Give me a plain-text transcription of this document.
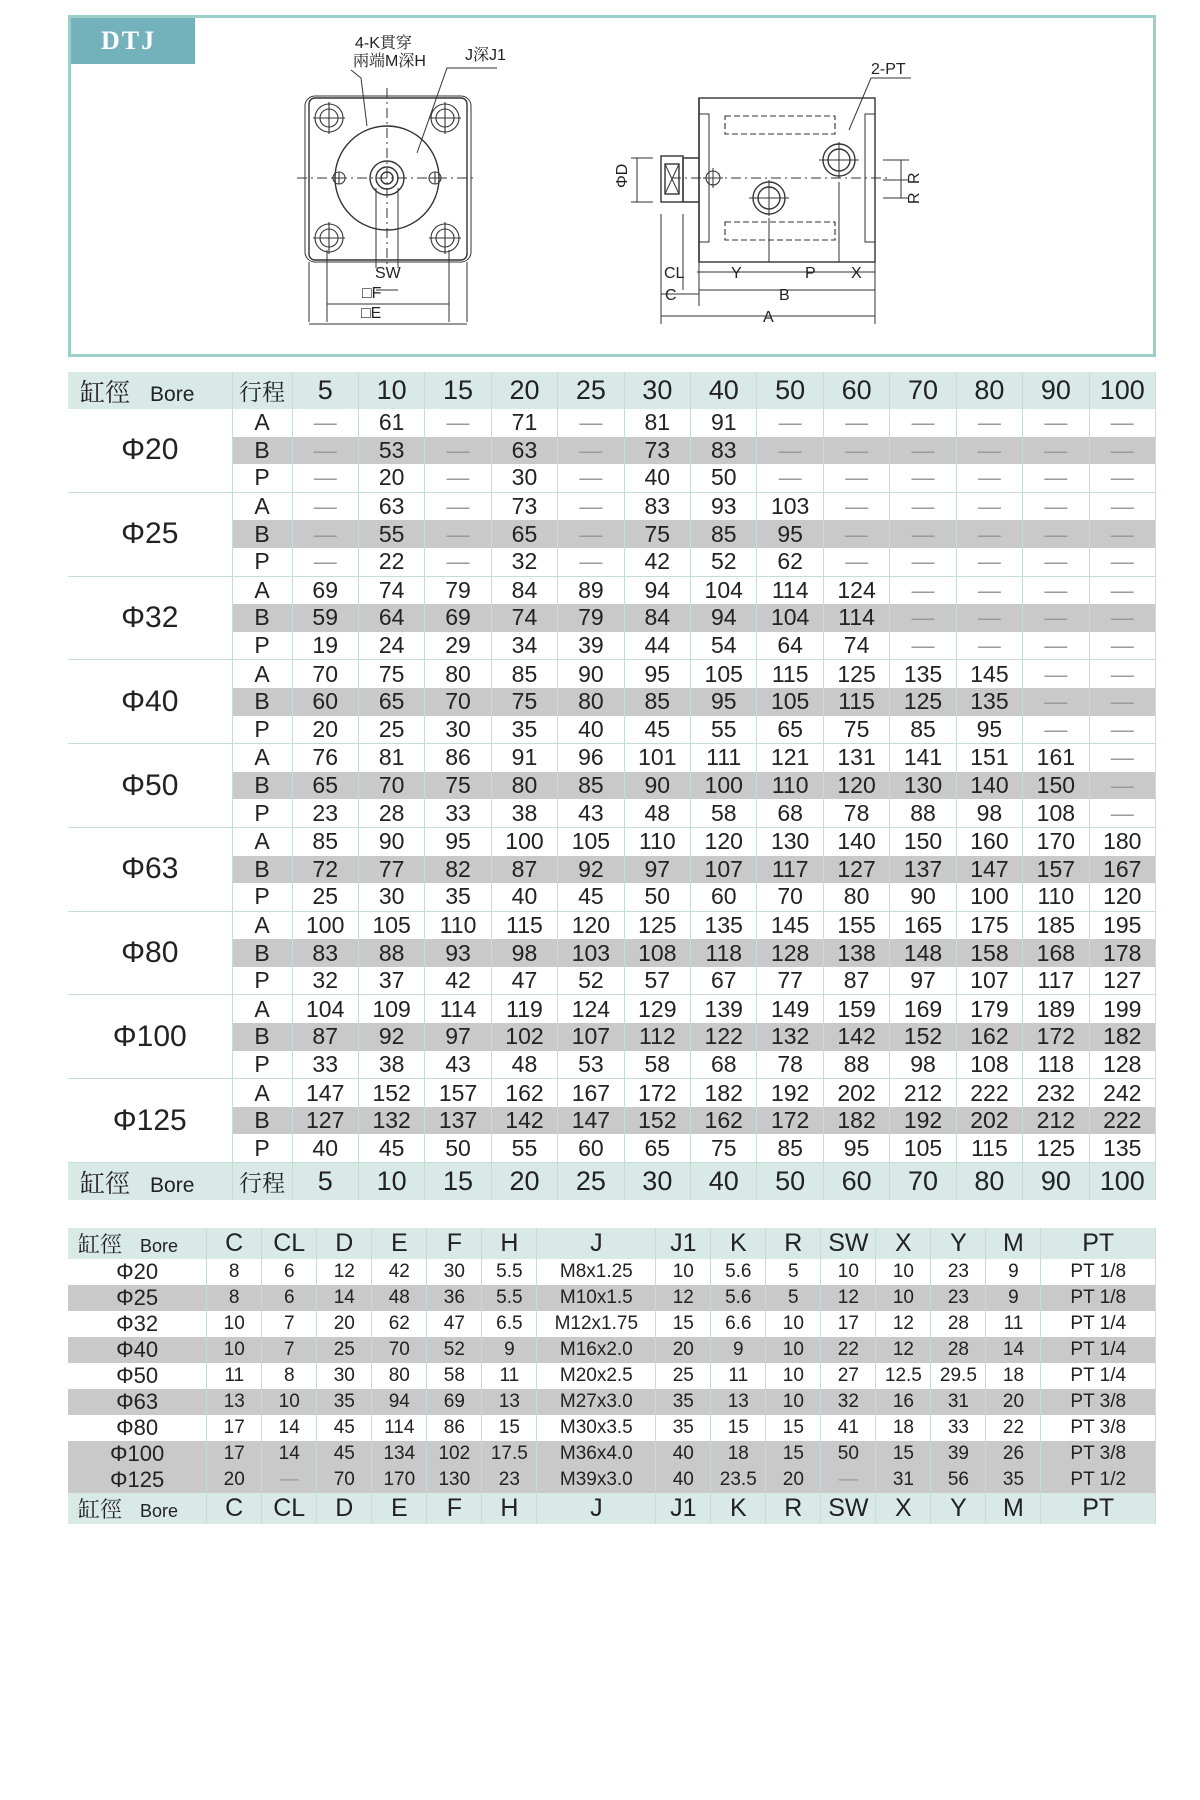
DTJ	4-K貫穿
兩端M深H J深J1
SW
□F
□E
2-PT
ΦD	R
R
CL	Y	P X
C	B
A
缸徑 Bore	行程	5	10	15	20	25	30	40	50	60	70	80	90	100
Φ20	A	—	61	—	71	—	81	91	—	—	—	—	—	—
	B	—	53	—	63	—	73	83	—	—	—	—	—	—
	P	—	20	—	30	—	40	50	—	—	—	—	—	—
Φ25	A	—	63	—	73	—	83	93	103	—	—	—	—	—
	B	—	55	—	65	—	75	85	95	—	—	—	—	—
	P	—	22	—	32	—	42	52	62	—	—	—	—	—
Φ32	A	69	74	79	84	89	94	104	114	124	—	—	—	—
	B	59	64	69	74	79	84	94	104	114	—	—	—	—
	P	19	24	29	34	39	44	54	64	74	—	—	—	—
Φ40	A	70	75	80	85	90	95	105	115	125	135	145	—	—
	B	60	65	70	75	80	85	95	105	115	125	135	—	—
	P	20	25	30	35	40	45	55	65	75	85	95	—	—
Φ50	A	76	81	86	91	96	101	111	121	131	141	151	161	—
	B	65	70	75	80	85	90	100	110	120	130	140	150	—
	P	23	28	33	38	43	48	58	68	78	88	98	108	—
Φ63	A	85	90	95	100	105	110	120	130	140	150	160	170	180
	B	72	77	82	87	92	97	107	117	127	137	147	157	167
	P	25	30	35	40	45	50	60	70	80	90	100	110	120
Φ80	A	100	105	110	115	120	125	135	145	155	165	175	185	195
	B	83	88	93	98	103	108	118	128	138	148	158	168	178
	P	32	37	42	47	52	57	67	77	87	97	107	117	127
Φ100	A	104	109	114	119	124	129	139	149	159	169	179	189	199
	B	87	92	97	102	107	112	122	132	142	152	162	172	182
	P	33	38	43	48	53	58	68	78	88	98	108	118	128
Φ125	A	147	152	157	162	167	172	182	192	202	212	222	232	242
	B	127	132	137	142	147	152	162	172	182	192	202	212	222
	P	40	45	50	55	60	65	75	85	95	105	115	125	135
缸徑 Bore	行程	5	10	15	20	25	30	40	50	60	70	80	90	100
缸徑 Bore	C	CL	D	E	F	H	J	J1	K	R	SW	X	Y	M	PT
Φ20	8	6	12	42	30	5.5	M8x1.25	10	5.6	5	10	10	23	9	PT 1/8
Φ25	8	6	14	48	36	5.5	M10x1.5	12	5.6	5	12	10	23	9	PT 1/8
Φ32	10	7	20	62	47	6.5	M12x1.75	15	6.6	10	17	12	28	11	PT 1/4
Φ40	10	7	25	70	52	9	M16x2.0	20	9	10	22	12	28	14	PT 1/4
Φ50	11	8	30	80	58	11	M20x2.5	25	11	10	27	12.5	29.5	18	PT 1/4
Φ63	13	10	35	94	69	13	M27x3.0	35	13	10	32	16	31	20	PT 3/8
Φ80	17	14	45	114	86	15	M30x3.5	35	15	15	41	18	33	22	PT 3/8
Φ100	17	14	45	134	102	17.5	M36x4.0	40	18	15	50	15	39	26	PT 3/8
Φ125	20	—	70	170	130	23	M39x3.0	40	23.5	20	—	31	56	35	PT 1/2
缸徑 Bore	C	CL	D	E	F	H	J	J1	K	R	SW	X	Y	M	PT
